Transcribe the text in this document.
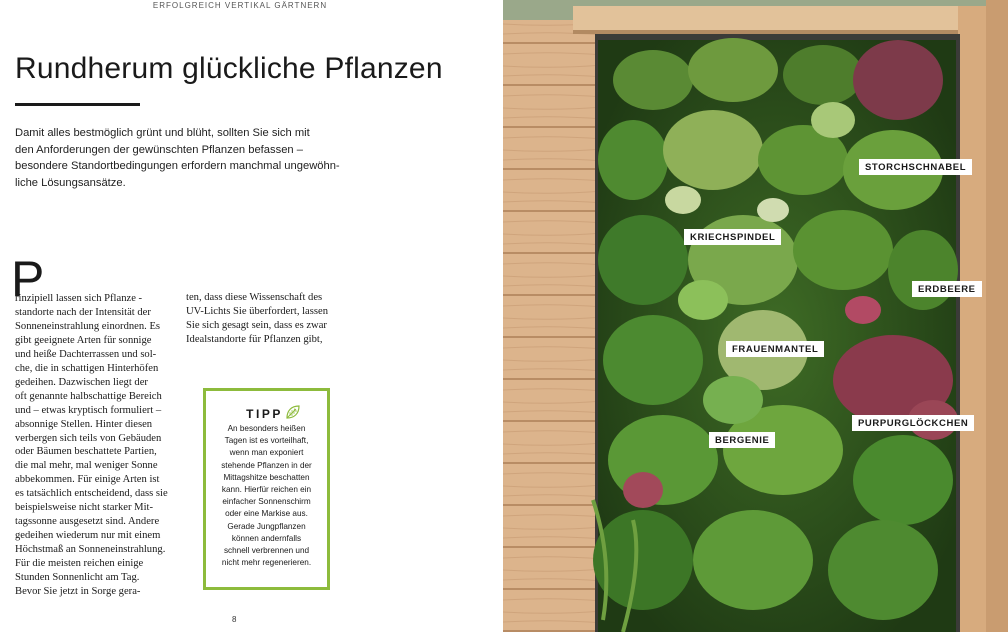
ERFOLGREICH VERTIKAL GÄRTNERN
Rundherum glückliche Pflanzen
Damit alles bestmöglich grünt und blüht, sollten Sie sich mit
den Anforderungen der gewünschten Pflanzen befassen –
besondere Standortbedingungen erfordern manchmal ungewöhn-
liche Lösungsansätze.
P
rinzipiell lassen sich Pflanze -
standorte nach der Intensität der
Sonneneinstrahlung einordnen. Es
gibt geeignete Arten für sonnige
und heiße Dachterrassen und sol-
che, die in schattigen Hinterhöfen
gedeihen. Dazwischen liegt der
oft genannte halbschattige Bereich
und – etwas kryptisch formuliert –
absonnige Stellen. Hinter diesen
verbergen sich teils von Gebäuden
oder Bäumen beschattete Partien,
die mal mehr, mal weniger Sonne
abbekommen. Für einige Arten ist
es tatsächlich entscheidend, dass sie
beispielsweise nicht starker Mit-
tagssonne ausgesetzt sind. Andere
gedeihen wiederum nur mit einem
Höchstmaß an Sonneneinstrahlung.
Für die meisten reichen einige
Stunden Sonnenlicht am Tag.
Bevor Sie jetzt in Sorge gera-
ten, dass diese Wissenschaft des
UV-Lichts Sie überfordert, lassen
Sie sich gesagt sein, dass es zwar
Idealstandorte für Pflanzen gibt,
TIPP
An besonders heißen
Tagen ist es vorteilhaft,
wenn man exponiert
stehende Pflanzen in der
Mittagshitze beschatten
kann. Hierfür reichen ein
einfacher Sonnenschirm
oder eine Markise aus.
Gerade Jungpflanzen
können andernfalls
schnell verbrennen und
nicht mehr regenerieren.
8
STORCHSCHNABEL
KRIECHSPINDEL
ERDBEERE
FRAUENMANTEL
PURPURGLÖCKCHEN
BERGENIE
